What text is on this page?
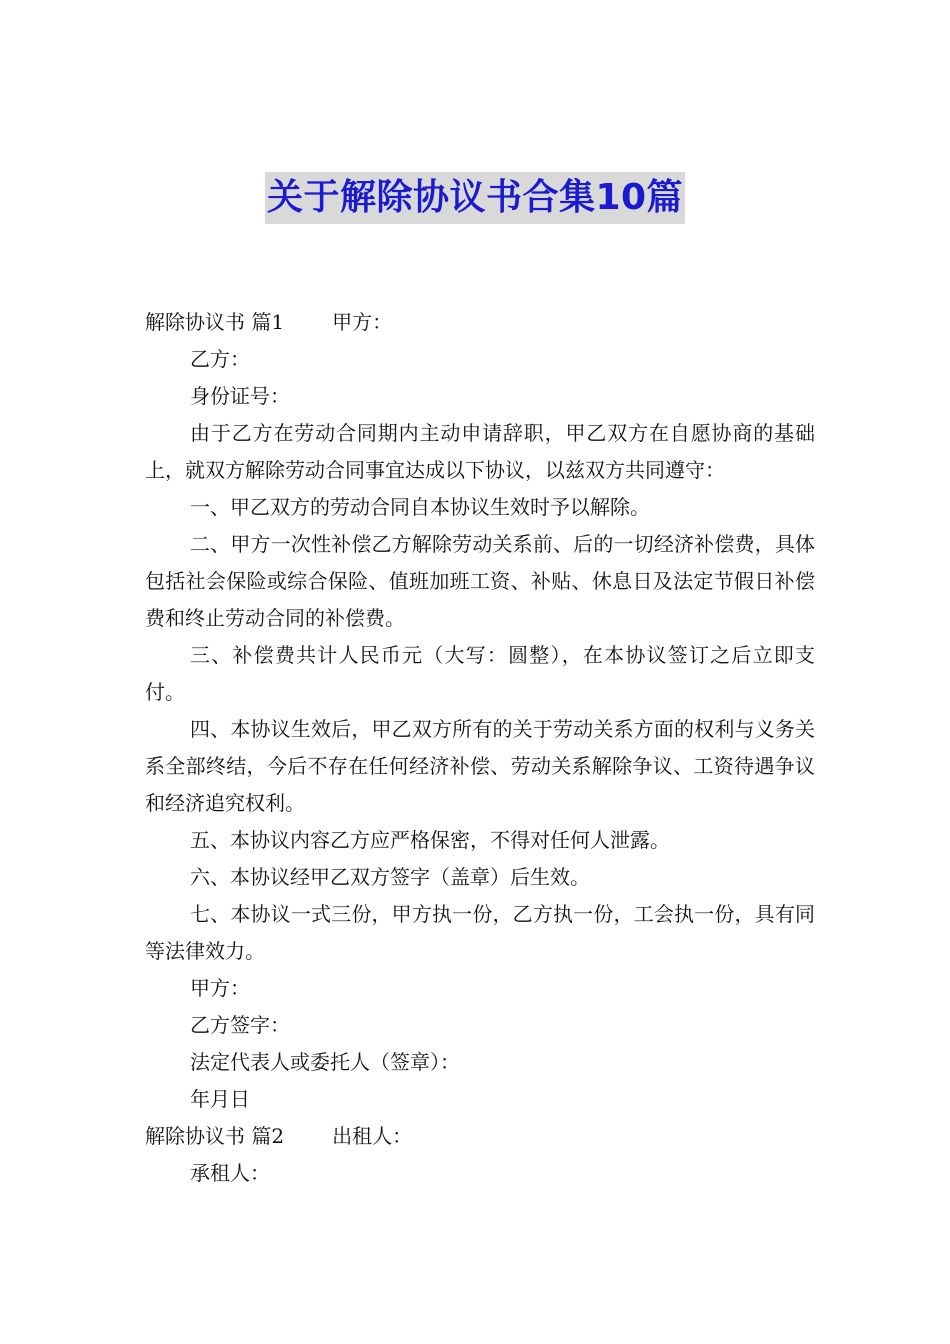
关于解除协议书合集10篇

解除协议书 篇1 甲方：

乙方：

身份证号：

由于乙方在劳动合同期内主动申请辞职，甲乙双方在自愿协商的基础上，就双方解除劳动合同事宜达成以下协议，以兹双方共同遵守：

一、甲乙双方的劳动合同自本协议生效时予以解除。

二、甲方一次性补偿乙方解除劳动关系前、后的一切经济补偿费，具体包括社会保险或综合保险、值班加班工资、补贴、休息日及法定节假日补偿费和终止劳动合同的补偿费。

三、补偿费共计人民币元（大写：圆整），在本协议签订之后立即支付。

四、本协议生效后，甲乙双方所有的关于劳动关系方面的权利与义务关系全部终结，今后不存在任何经济补偿、劳动关系解除争议、工资待遇争议和经济追究权利。

五、本协议内容乙方应严格保密，不得对任何人泄露。

六、本协议经甲乙双方签字（盖章）后生效。

七、本协议一式三份，甲方执一份，乙方执一份，工会执一份，具有同等法律效力。

甲方：

乙方签字：

法定代表人或委托人（签章）：

年月日

解除协议书 篇2 出租人：

承租人：
